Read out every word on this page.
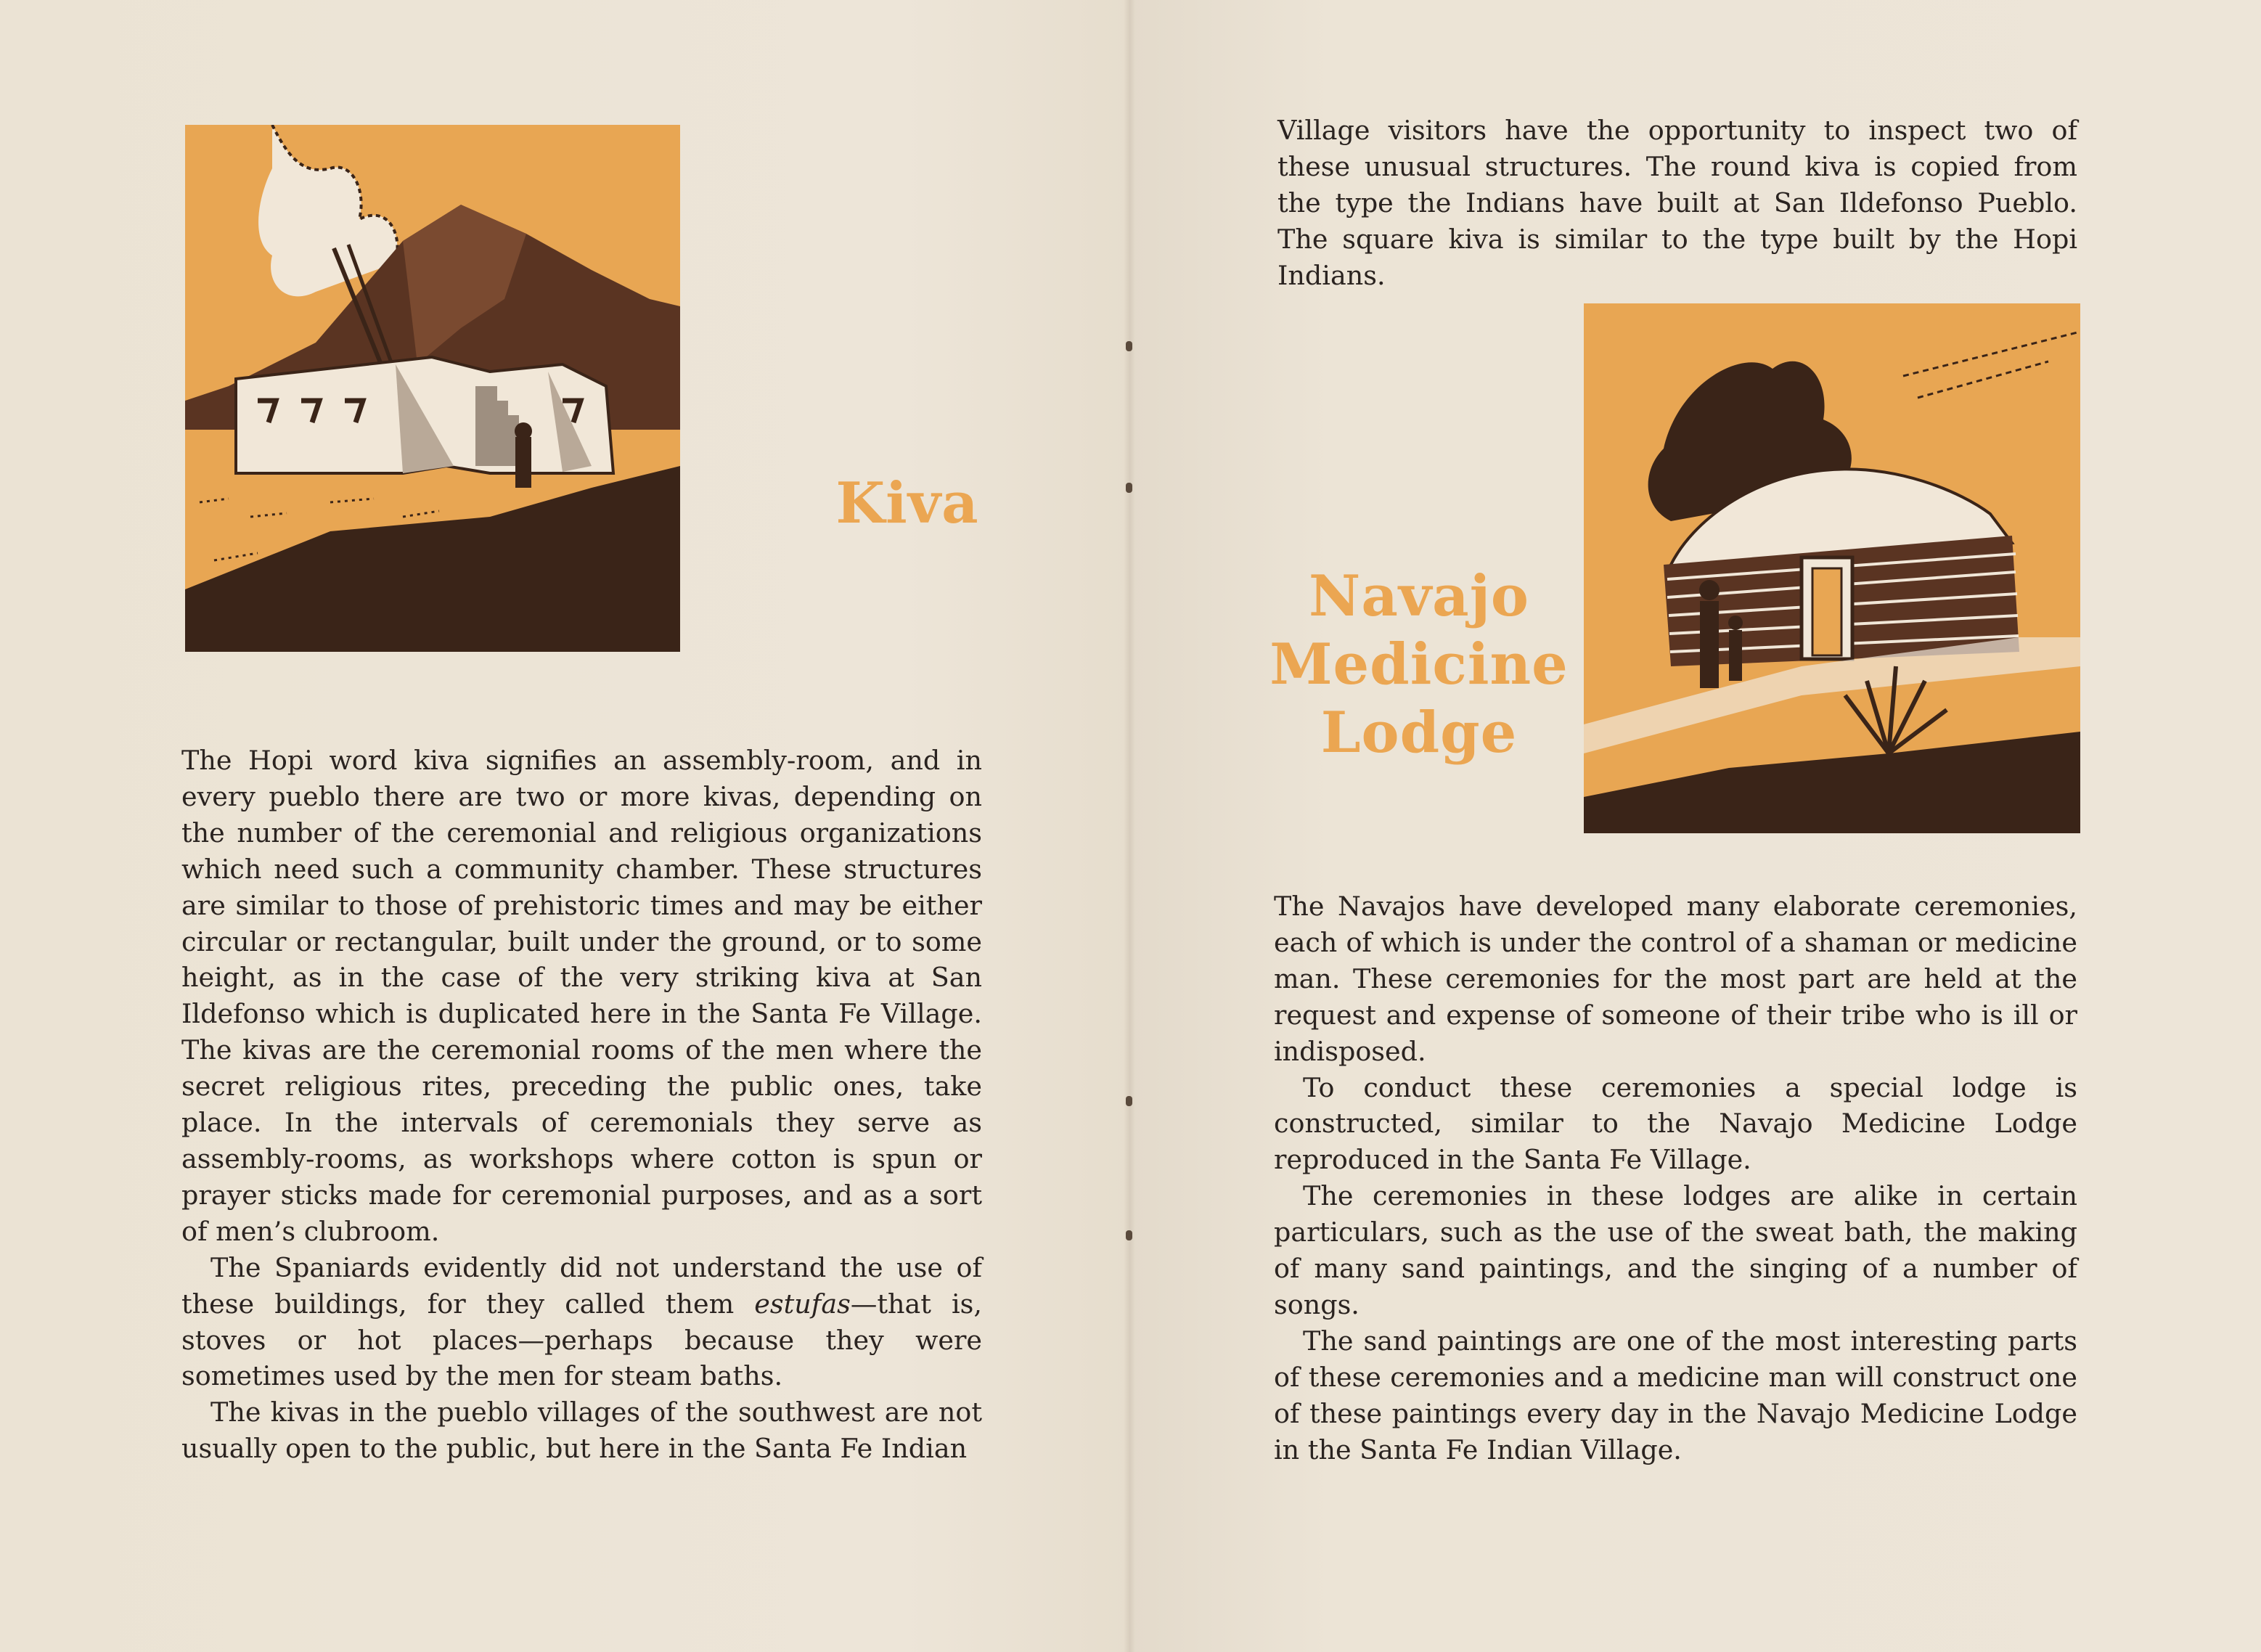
Kiva

The Hopi word kiva signifies an assembly-room, and in every pueblo there are two or more kivas, depending on the number of the ceremonial and religious organizations which need such a community chamber. These structures are similar to those of prehistoric times and may be either circular or rectangular, built under the ground, or to some height, as in the case of the very striking kiva at San Ildefonso which is duplicated here in the Santa Fe Village. The kivas are the ceremonial rooms of the men where the secret religious rites, preceding the public ones, take place. In the intervals of ceremonials they serve as assembly-rooms, as workshops where cotton is spun or prayer sticks made for ceremonial purposes, and as a sort of men’s clubroom.

The Spaniards evidently did not understand the use of these buildings, for they called them estufas—that is, stoves or hot places—perhaps because they were sometimes used by the men for steam baths.

The kivas in the pueblo villages of the southwest are not usually open to the public, but here in the Santa Fe Indian

Village visitors have the opportunity to inspect two of these unusual structures. The round kiva is copied from the type the Indians have built at San Ildefonso Pueblo. The square kiva is similar to the type built by the Hopi Indians.
Navajo
Medicine
Lodge

The Navajos have developed many elaborate ceremonies, each of which is under the control of a shaman or medicine man. These ceremonies for the most part are held at the request and expense of someone of their tribe who is ill or indisposed.

To conduct these ceremonies a special lodge is constructed, similar to the Navajo Medicine Lodge reproduced in the Santa Fe Village.

The ceremonies in these lodges are alike in certain particulars, such as the use of the sweat bath, the making of many sand paintings, and the singing of a number of songs.

The sand paintings are one of the most interesting parts of these ceremonies and a medicine man will construct one of these paintings every day in the Navajo Medicine Lodge in the Santa Fe Indian Village.
